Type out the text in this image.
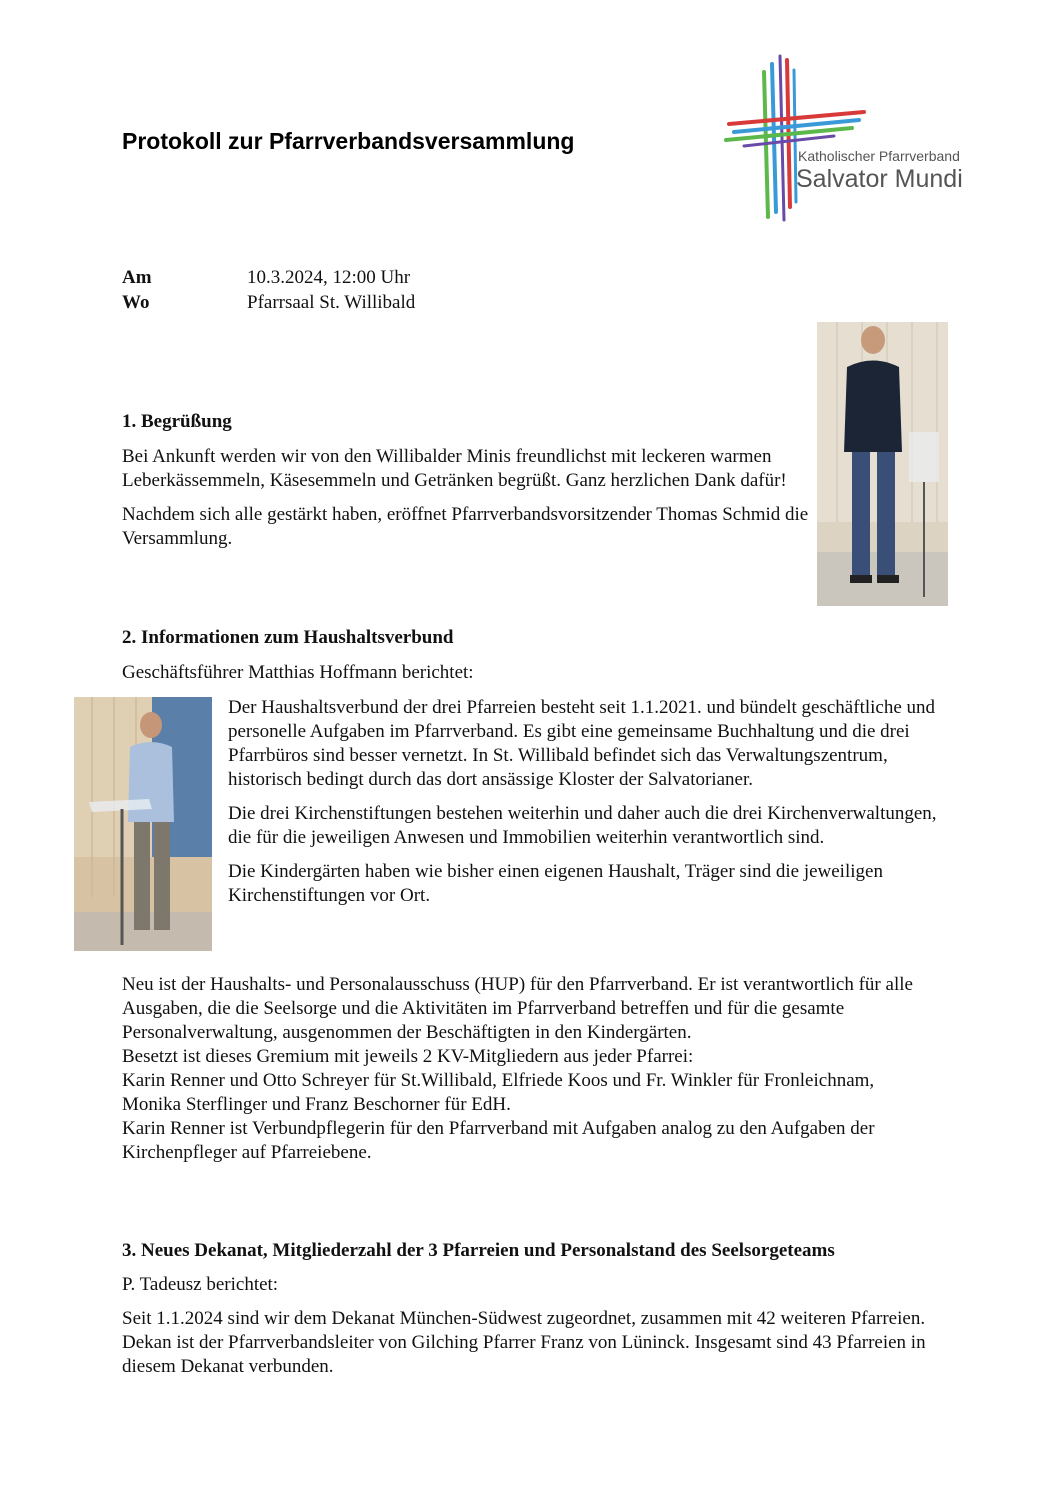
Protokoll zur Pfarrverbandsversammlung
Katholischer Pfarrverband
Salvator Mundi
Am	10.3.2024, 12:00 Uhr
Wo	Pfarrsaal St. Willibald

1. Begrüßung

Bei Ankunft werden wir von den Willibalder Minis freundlichst mit leckeren warmen Leberkässemmeln, Käsesemmeln und Getränken begrüßt. Ganz herzlichen Dank dafür!

Nachdem sich alle gestärkt haben, eröffnet Pfarrverbandsvorsitzender Thomas Schmid die Versammlung.

2. Informationen zum Haushaltsverbund

Geschäftsführer Matthias Hoffmann berichtet:

Der Haushaltsverbund der drei Pfarreien besteht seit 1.1.2021. und bündelt geschäftliche und personelle Aufgaben im Pfarrverband. Es gibt eine gemeinsame Buchhaltung und die drei Pfarrbüros sind besser vernetzt. In St. Willibald befindet sich das Verwaltungszentrum, historisch bedingt durch das dort ansässige Kloster der Salvatorianer.

Die drei Kirchenstiftungen bestehen weiterhin und daher auch die drei Kirchenverwaltungen, die für die jeweiligen Anwesen und Immobilien weiterhin verantwortlich sind.

Die Kindergärten haben wie bisher einen eigenen Haushalt, Träger sind die jeweiligen Kirchenstiftungen vor Ort.

Neu ist der Haushalts- und Personalausschuss (HUP) für den Pfarrverband. Er ist verantwortlich für alle Ausgaben, die die Seelsorge und die Aktivitäten im Pfarrverband betreffen und für die gesamte Personalverwaltung, ausgenommen der Beschäftigten in den Kindergärten.

Besetzt ist dieses Gremium mit jeweils 2 KV-Mitgliedern aus jeder Pfarrei:

Karin Renner und Otto Schreyer für St.Willibald, Elfriede Koos und Fr. Winkler für Fronleichnam, Monika Sterflinger und Franz Beschorner für EdH.

Karin Renner ist Verbundpflegerin für den Pfarrverband mit Aufgaben analog zu den Aufgaben der Kirchenpfleger auf Pfarreiebene.

3. Neues Dekanat, Mitgliederzahl der 3 Pfarreien und Personalstand des Seelsorgeteams

P. Tadeusz berichtet:

Seit 1.1.2024 sind wir dem Dekanat München-Südwest zugeordnet, zusammen mit 42 weiteren Pfarreien. Dekan ist der Pfarrverbandsleiter von Gilching Pfarrer Franz von Lüninck. Insgesamt sind 43 Pfarreien in diesem Dekanat verbunden.
